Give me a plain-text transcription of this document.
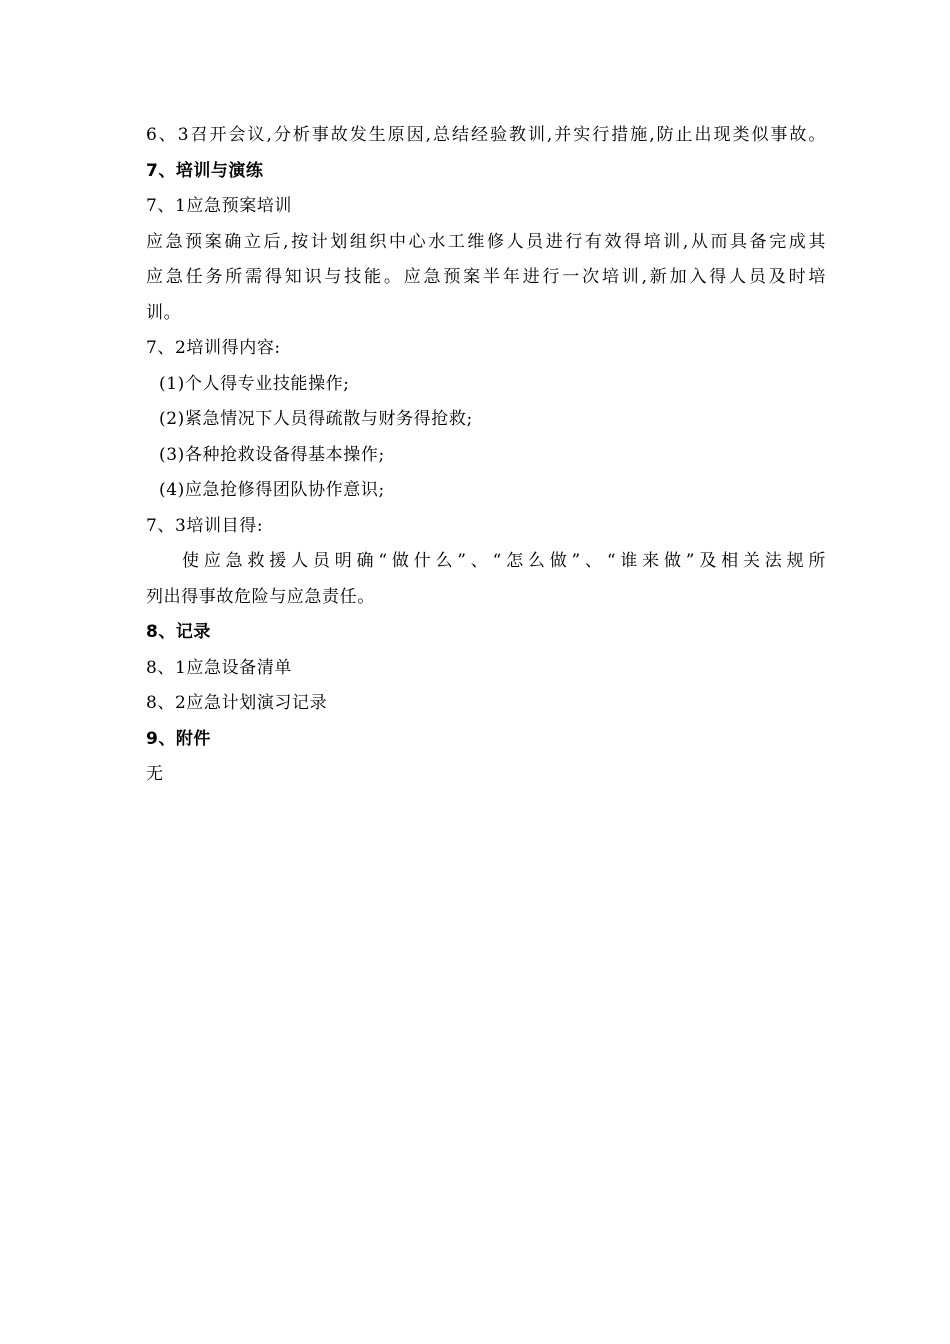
6、3召开会议,分析事故发生原因,总结经验教训,并实行措施,防止出现类似事故。
7、培训与演练
7、1应急预案培训
应急预案确立后,按计划组织中心水工维修人员进行有效得培训,从而具备完成其
应急任务所需得知识与技能。应急预案半年进行一次培训,新加入得人员及时培
训。
7、2培训得内容:
(1)个人得专业技能操作;
(2)紧急情况下人员得疏散与财务得抢救;
(3)各种抢救设备得基本操作;
(4)应急抢修得团队协作意识;
7、3培训目得:
使应急救援人员明确“做什么”、“怎么做”、“谁来做”及相关法规所
列出得事故危险与应急责任。
8、记录
8、1应急设备清单
8、2应急计划演习记录
9、附件
无
